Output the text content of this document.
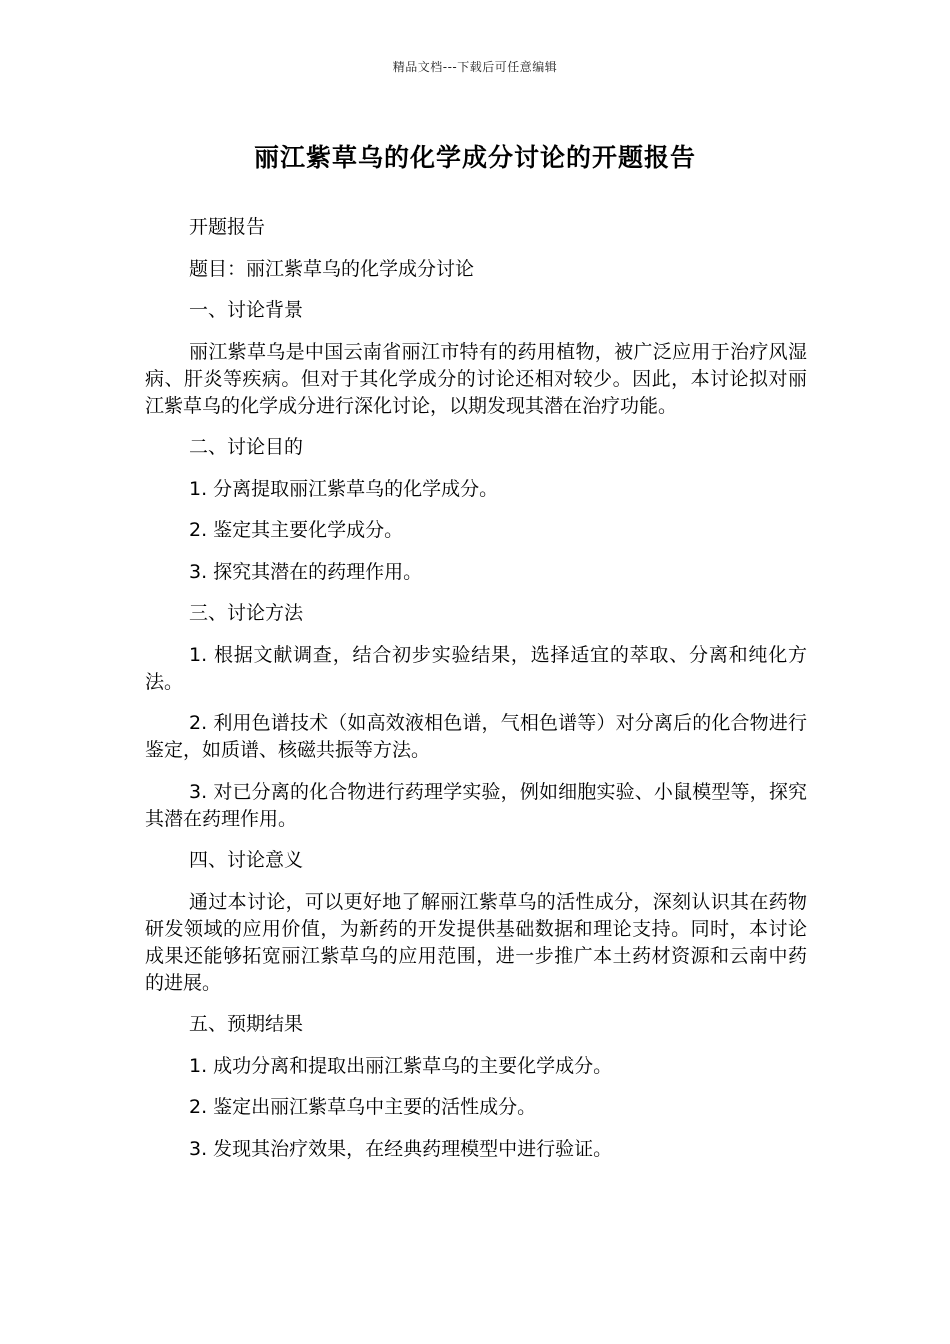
精品文档---下载后可任意编辑
丽江紫草乌的化学成分讨论的开题报告

开题报告

题目：丽江紫草乌的化学成分讨论

一、讨论背景

丽江紫草乌是中国云南省丽江市特有的药用植物，被广泛应用于治疗风湿病、肝炎等疾病。但对于其化学成分的讨论还相对较少。因此，本讨论拟对丽江紫草乌的化学成分进行深化讨论，以期发现其潜在治疗功能。

二、讨论目的

1. 分离提取丽江紫草乌的化学成分。

2. 鉴定其主要化学成分。

3. 探究其潜在的药理作用。

三、讨论方法

1. 根据文献调查，结合初步实验结果，选择适宜的萃取、分离和纯化方法。

2. 利用色谱技术（如高效液相色谱，气相色谱等）对分离后的化合物进行鉴定，如质谱、核磁共振等方法。

3. 对已分离的化合物进行药理学实验，例如细胞实验、小鼠模型等，探究其潜在药理作用。

四、讨论意义

通过本讨论，可以更好地了解丽江紫草乌的活性成分，深刻认识其在药物研发领域的应用价值，为新药的开发提供基础数据和理论支持。同时，本讨论成果还能够拓宽丽江紫草乌的应用范围，进一步推广本土药材资源和云南中药的进展。

五、预期结果

1. 成功分离和提取出丽江紫草乌的主要化学成分。

2. 鉴定出丽江紫草乌中主要的活性成分。

3. 发现其治疗效果，在经典药理模型中进行验证。
